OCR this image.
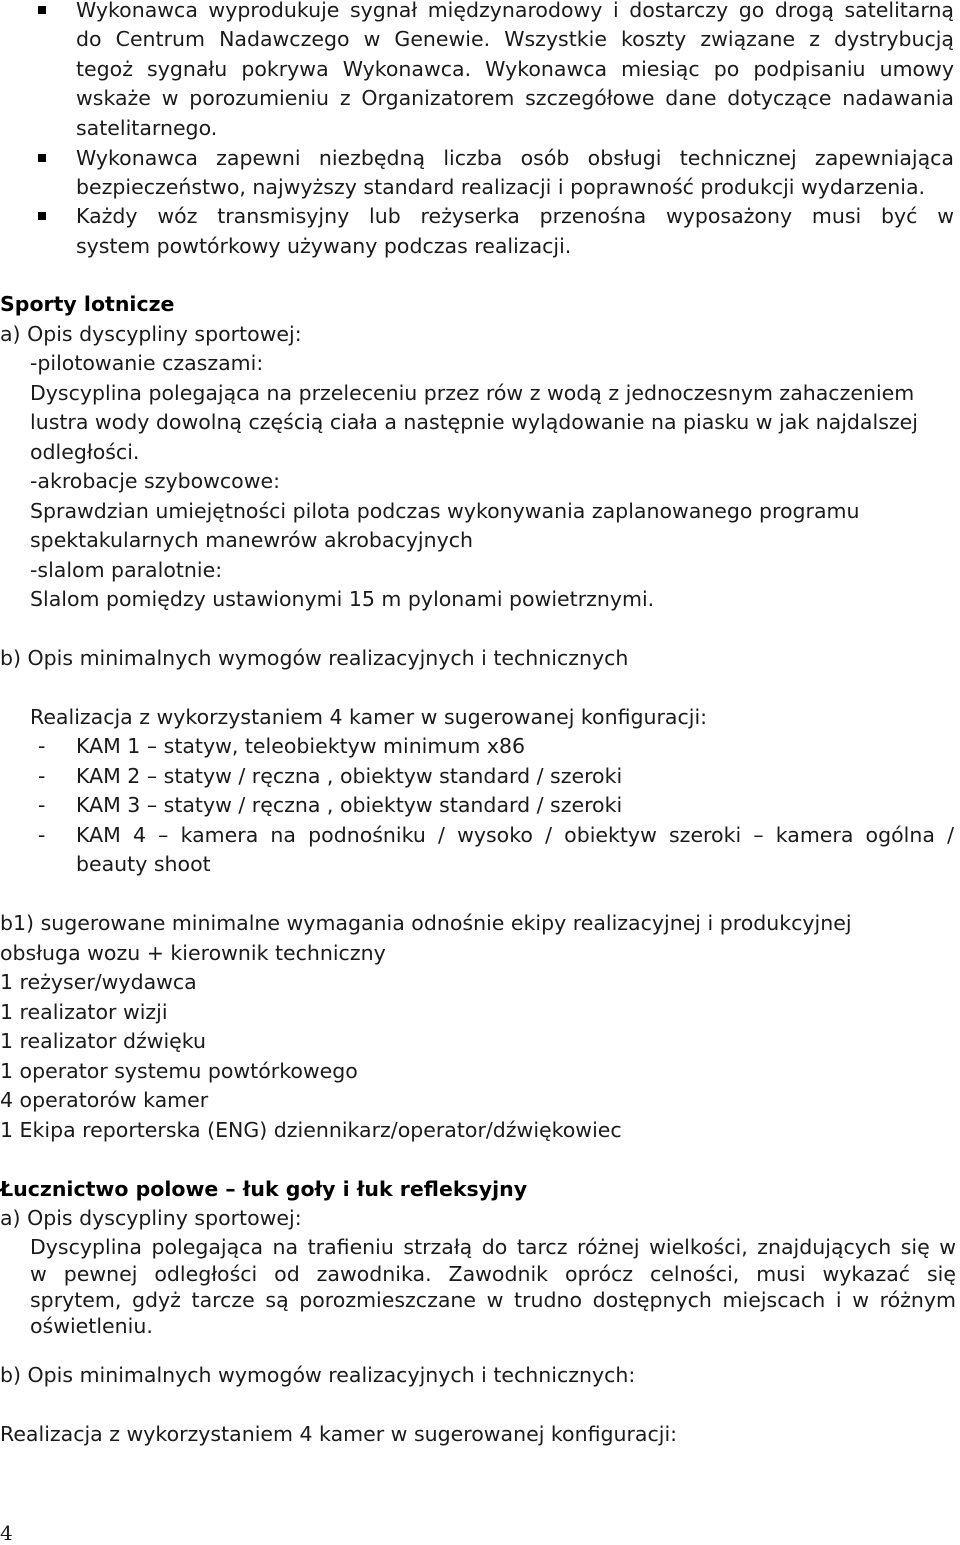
Wykonawca wyprodukuje sygnał międzynarodowy i dostarczy go drogą satelitarną
do Centrum Nadawczego w Genewie. Wszystkie koszty związane z dystrybucją
tegoż sygnału pokrywa Wykonawca. Wykonawca miesiąc po podpisaniu umowy
wskaże w porozumieniu z Organizatorem szczegółowe dane dotyczące nadawania
satelitarnego.
Wykonawca zapewni niezbędną liczba osób obsługi technicznej zapewniająca
bezpieczeństwo, najwyższy standard realizacji i poprawność produkcji wydarzenia.
Każdy wóz transmisyjny lub reżyserka przenośna wyposażony musi być w
system powtórkowy używany podczas realizacji.
Sporty lotnicze
a) Opis dyscypliny sportowej:
-pilotowanie czaszami:
Dyscyplina polegająca na przeleceniu przez rów z wodą z jednoczesnym zahaczeniem
lustra wody dowolną częścią ciała a następnie wylądowanie na piasku w jak najdalszej
odległości.
-akrobacje szybowcowe:
Sprawdzian umiejętności pilota podczas wykonywania zaplanowanego programu
spektakularnych manewrów akrobacyjnych
-slalom paralotnie:
Slalom pomiędzy ustawionymi 15 m pylonami powietrznymi.
b) Opis minimalnych wymogów realizacyjnych i technicznych
Realizacja z wykorzystaniem 4 kamer w sugerowanej konfiguracji:
- KAM 1 – statyw, teleobiektyw minimum x86
- KAM 2 – statyw / ręczna , obiektyw standard / szeroki
- KAM 3 – statyw / ręczna , obiektyw standard / szeroki
- KAM 4 – kamera na podnośniku / wysoko / obiektyw szeroki – kamera ogólna /
beauty shoot
b1) sugerowane minimalne wymagania odnośnie ekipy realizacyjnej i produkcyjnej
obsługa wozu + kierownik techniczny
1 reżyser/wydawca
1 realizator wizji
1 realizator dźwięku
1 operator systemu powtórkowego
4 operatorów kamer
1 Ekipa reporterska (ENG) dziennikarz/operator/dźwiękowiec
Łucznictwo polowe – łuk goły i łuk refleksyjny
a) Opis dyscypliny sportowej:
Dyscyplina polegająca na trafieniu strzałą do tarcz różnej wielkości, znajdujących się w
w pewnej odległości od zawodnika. Zawodnik oprócz celności, musi wykazać się
sprytem, gdyż tarcze są porozmieszczane w trudno dostępnych miejscach i w różnym
oświetleniu.
b) Opis minimalnych wymogów realizacyjnych i technicznych:
Realizacja z wykorzystaniem 4 kamer w sugerowanej konfiguracji:
4
